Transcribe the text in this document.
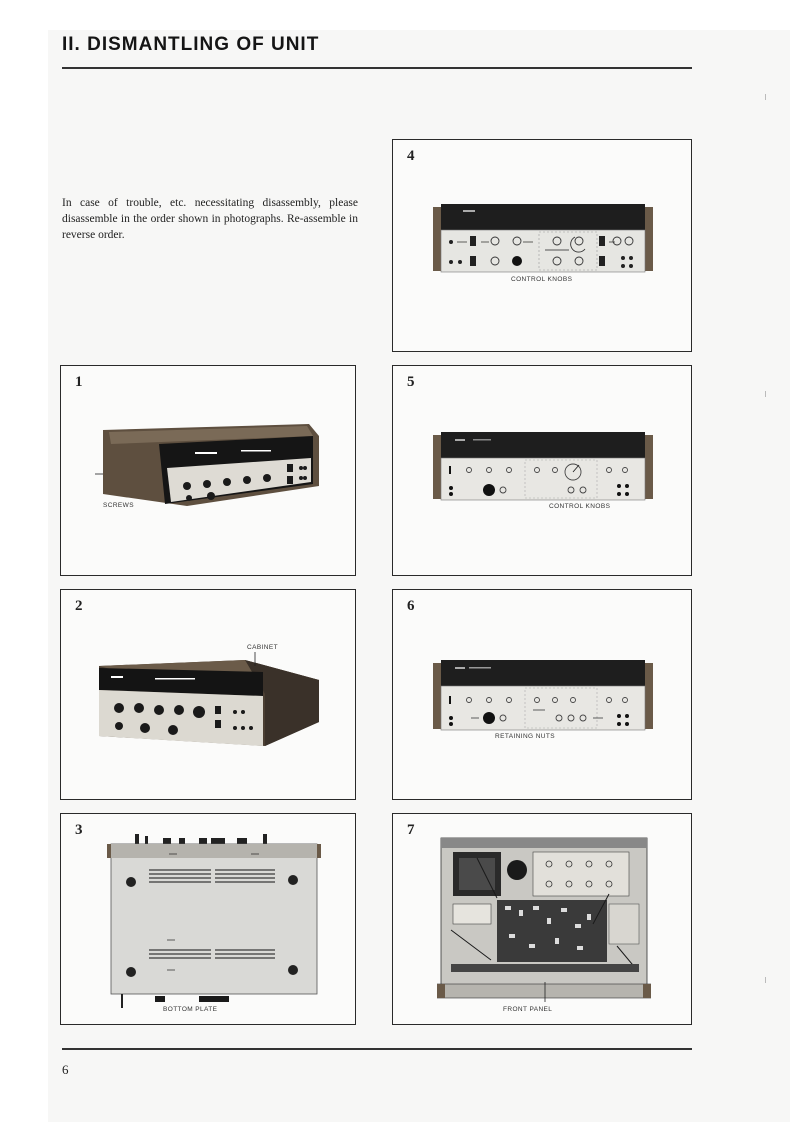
II. DISMANTLING OF UNIT

In case of trouble, etc. necessitating disassembly, please disassemble in the order shown in photographs. Re-assemble in reverse order.

4
CONTROL KNOBS
1
SCREWS
5
CONTROL KNOBS
2
CABINET
6
RETAINING NUTS
3
BOTTOM PLATE
7
FRONT PANEL
6
